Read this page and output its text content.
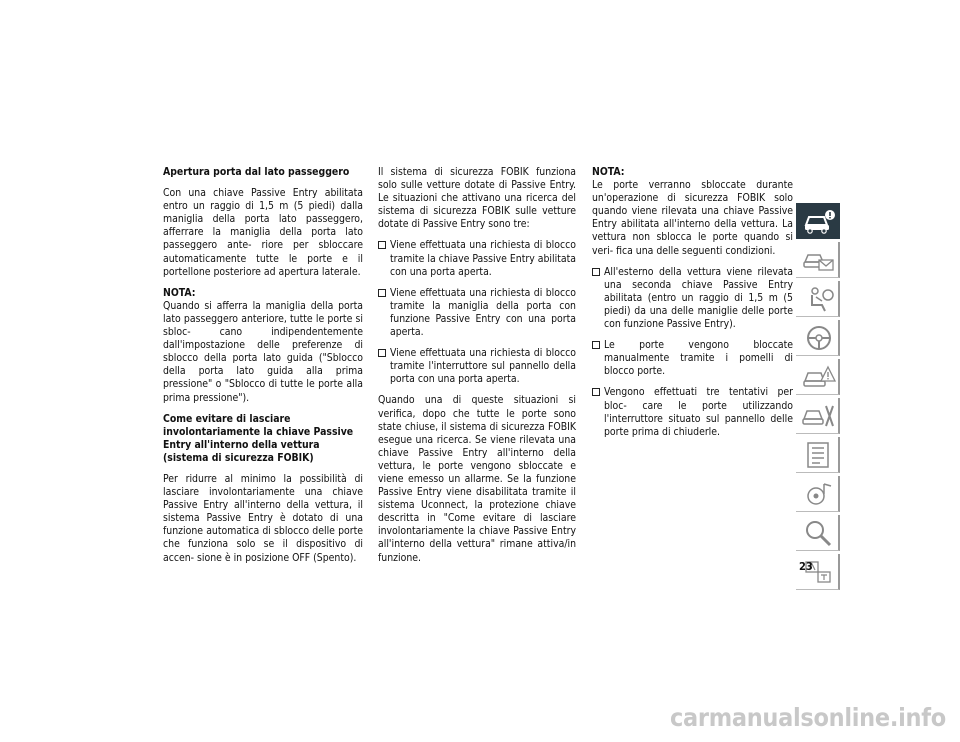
Apertura porta dal lato passeggero

Con una chiave Passive Entry abilitata entro un raggio di 1,5 m (5 piedi) dalla maniglia della porta lato passeggero, afferrare la maniglia della porta lato passeggero ante- riore per sbloccare automaticamente tutte le porte e il portellone posteriore ad apertura laterale.

NOTA:
Quando si afferra la maniglia della porta lato passeggero anteriore, tutte le porte si sbloc- cano indipendentemente dall'impostazione delle preferenze di sblocco della porta lato guida ("Sblocco della porta lato guida alla prima pressione" o "Sblocco di tutte le porte alla prima pressione").

Come evitare di lasciare involontariamente la chiave Passive Entry all'interno della vettura (sistema di sicurezza FOBIK)

Per ridurre al minimo la possibilità di lasciare involontariamente una chiave Passive Entry all'interno della vettura, il sistema Passive Entry è dotato di una funzione automatica di sblocco delle porte che funziona solo se il dispositivo di accen- sione è in posizione OFF (Spento).

Il sistema di sicurezza FOBIK funziona solo sulle vetture dotate di Passive Entry. Le situazioni che attivano una ricerca del sistema di sicurezza FOBIK sulle vetture dotate di Passive Entry sono tre:

Viene effettuata una richiesta di blocco tramite la chiave Passive Entry abilitata con una porta aperta.
Viene effettuata una richiesta di blocco tramite la maniglia della porta con funzione Passive Entry con una porta aperta.
Viene effettuata una richiesta di blocco tramite l'interruttore sul pannello della porta con una porta aperta.

Quando una di queste situazioni si verifica, dopo che tutte le porte sono state chiuse, il sistema di sicurezza FOBIK esegue una ricerca. Se viene rilevata una chiave Passive Entry all'interno della vettura, le porte vengono sbloccate e viene emesso un allarme. Se la funzione Passive Entry viene disabilitata tramite il sistema Uconnect, la protezione chiave descritta in "Come evitare di lasciare involontariamente la chiave Passive Entry all'interno della vettura" rimane attiva/in funzione.

NOTA:
Le porte verranno sbloccate durante un'operazione di sicurezza FOBIK solo quando viene rilevata una chiave Passive Entry abilitata all'interno della vettura. La vettura non sblocca le porte quando si veri- fica una delle seguenti condizioni.

All'esterno della vettura viene rilevata una seconda chiave Passive Entry abilitata (entro un raggio di 1,5 m (5 piedi) da una delle maniglie delle porte con funzione Passive Entry).
Le porte vengono bloccate manualmente tramite i pomelli di blocco porte.
Vengono effettuati tre tentativi per bloc- care le porte utilizzando l'interruttore situato sul pannello delle porte prima di chiuderle.
23
carmanualsonline.info
